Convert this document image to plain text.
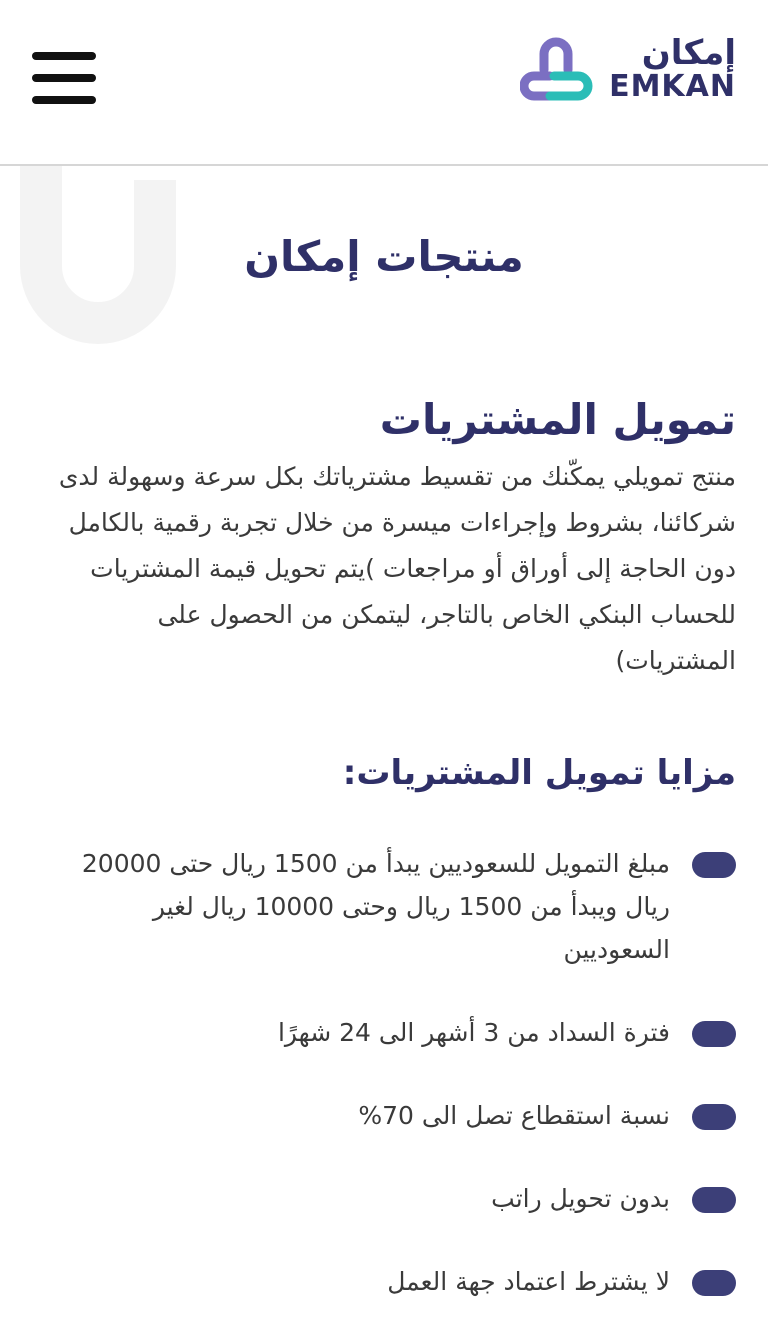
إمكان
EMKAN
منتجات إمكان
تمويل المشتريات

منتج تمويلي يمكّنك من تقسيط مشترياتك بكل سرعة وسهولة لدى شركائنا، بشروط وإجراءات ميسرة من خلال تجربة رقمية بالكامل دون الحاجة إلى أوراق أو مراجعات )يتم تحويل قيمة المشتريات للحساب البنكي الخاص بالتاجر، ليتمكن من الحصول على المشتريات)

مزايا تمويل المشتريات:
مبلغ التمويل للسعوديين يبدأ من 1500 ريال حتى 20000 ريال ويبدأ من 1500 ريال وحتى 10000 ريال لغير السعوديين
فترة السداد من 3 أشهر الى 24 شهرًا
نسبة استقطاع تصل الى 70%
بدون تحويل راتب
لا يشترط اعتماد جهة العمل
